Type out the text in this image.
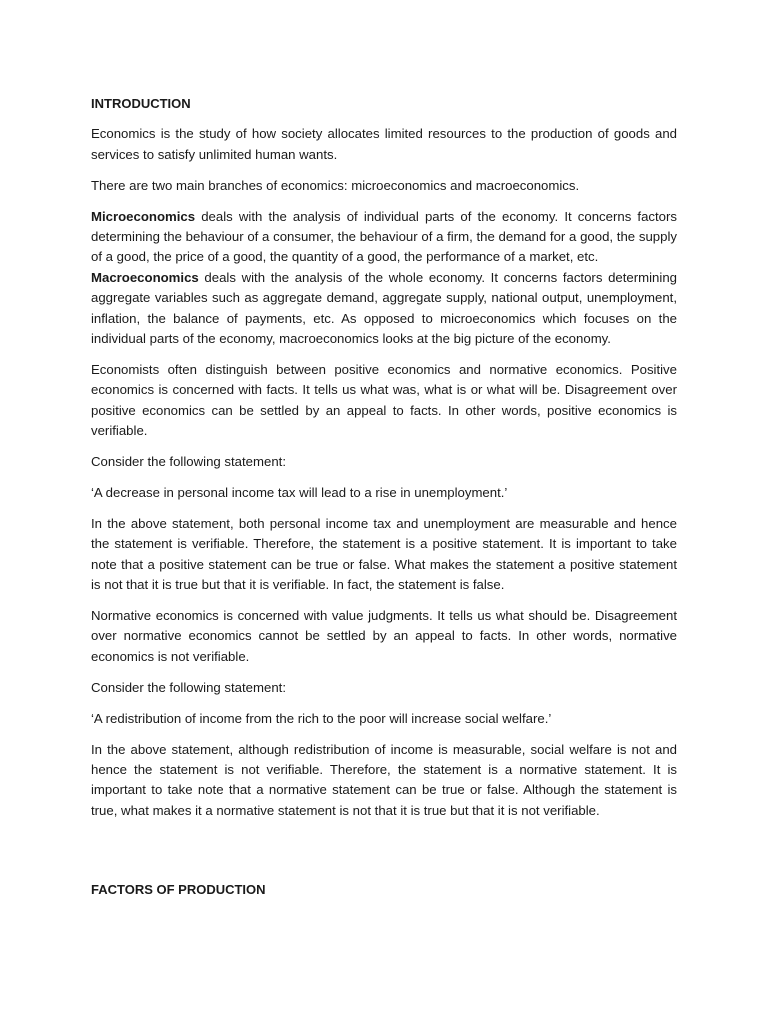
INTRODUCTION

Economics is the study of how society allocates limited resources to the production of goods and services to satisfy unlimited human wants.

There are two main branches of economics: microeconomics and macroeconomics.

Microeconomics deals with the analysis of individual parts of the economy. It concerns factors determining the behaviour of a consumer, the behaviour of a firm, the demand for a good, the supply of a good, the price of a good, the quantity of a good, the performance of a market, etc.
Macroeconomics deals with the analysis of the whole economy. It concerns factors determining aggregate variables such as aggregate demand, aggregate supply, national output, unemployment, inflation, the balance of payments, etc. As opposed to microeconomics which focuses on the individual parts of the economy, macroeconomics looks at the big picture of the economy.

Economists often distinguish between positive economics and normative economics. Positive economics is concerned with facts. It tells us what was, what is or what will be. Disagreement over positive economics can be settled by an appeal to facts. In other words, positive economics is verifiable.

Consider the following statement:

‘A decrease in personal income tax will lead to a rise in unemployment.’

In the above statement, both personal income tax and unemployment are measurable and hence the statement is verifiable. Therefore, the statement is a positive statement. It is important to take note that a positive statement can be true or false. What makes the statement a positive statement is not that it is true but that it is verifiable. In fact, the statement is false.

Normative economics is concerned with value judgments. It tells us what should be. Disagreement over normative economics cannot be settled by an appeal to facts. In other words, normative economics is not verifiable.

Consider the following statement:

‘A redistribution of income from the rich to the poor will increase social welfare.’

In the above statement, although redistribution of income is measurable, social welfare is not and hence the statement is not verifiable. Therefore, the statement is a normative statement. It is important to take note that a normative statement can be true or false. Although the statement is true, what makes it a normative statement is not that it is true but that it is not verifiable.

FACTORS OF PRODUCTION
